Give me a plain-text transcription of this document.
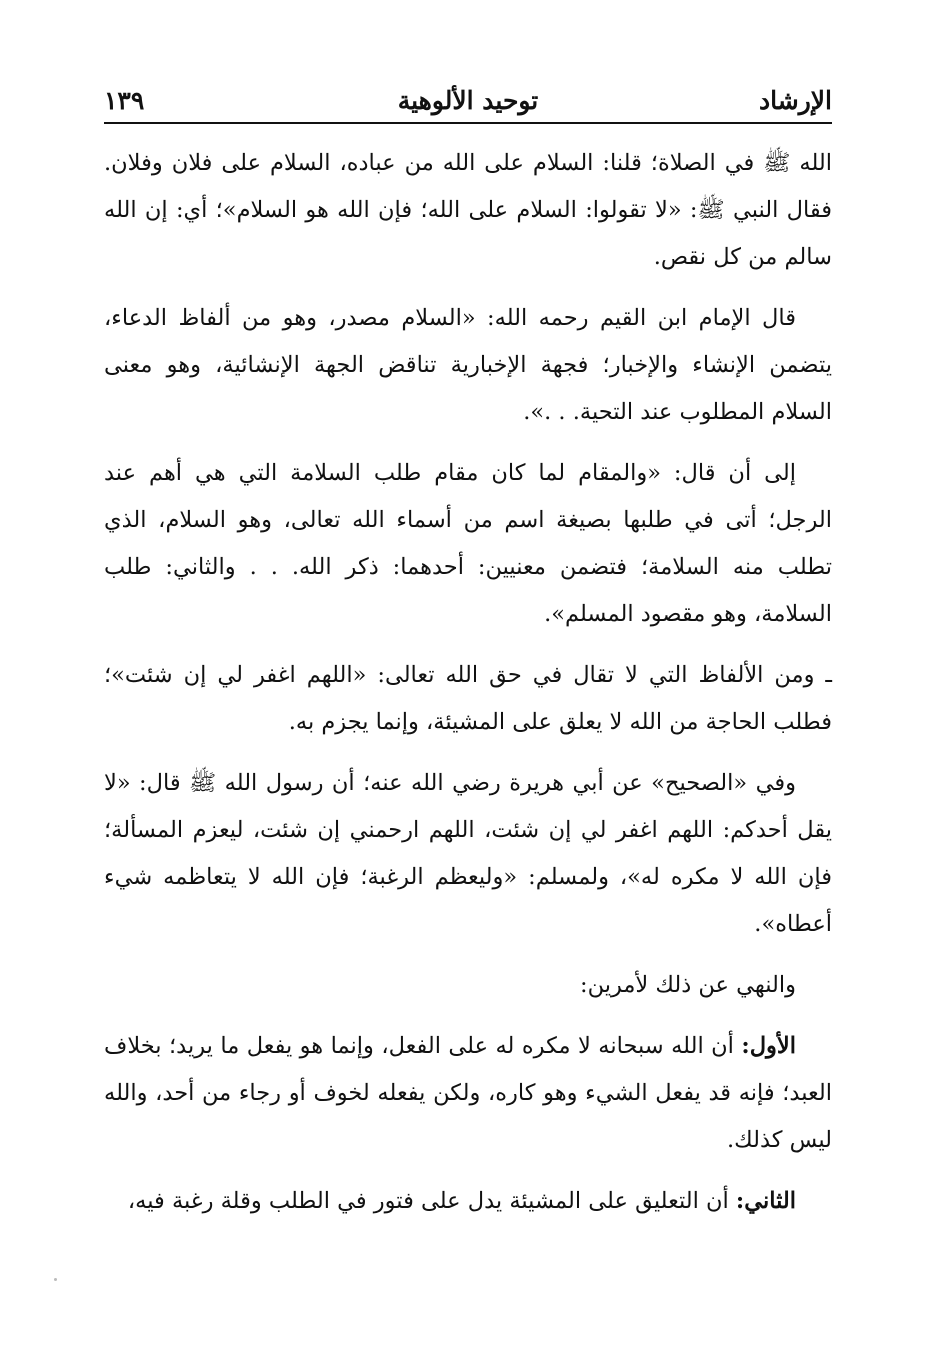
الإرشاد
توحيد الألوهية
١٣٩

الله ﷺ في الصلاة؛ قلنا: السلام على الله من عباده، السلام على فلان وفلان. فقال النبي ﷺ: «لا تقولوا: السلام على الله؛ فإن الله هو السلام»؛ أي: إن الله سالم من كل نقص.

قال الإمام ابن القيم رحمه الله: «السلام مصدر، وهو من ألفاظ الدعاء، يتضمن الإنشاء والإخبار؛ فجهة الإخبارية تناقض الجهة الإنشائية، وهو معنى السلام المطلوب عند التحية. . .».

إلى أن قال: «والمقام لما كان مقام طلب السلامة التي هي أهم عند الرجل؛ أتى في طلبها بصيغة اسم من أسماء الله تعالى، وهو السلام، الذي تطلب منه السلامة؛ فتضمن معنيين: أحدهما: ذكر الله. . . والثاني: طلب السلامة، وهو مقصود المسلم».

ـ ومن الألفاظ التي لا تقال في حق الله تعالى: «اللهم اغفر لي إن شئت»؛ فطلب الحاجة من الله لا يعلق على المشيئة، وإنما يجزم به.

وفي «الصحيح» عن أبي هريرة رضي الله عنه؛ أن رسول الله ﷺ قال: «لا يقل أحدكم: اللهم اغفر لي إن شئت، اللهم ارحمني إن شئت، ليعزم المسألة؛ فإن الله لا مكره له»، ولمسلم: «وليعظم الرغبة؛ فإن الله لا يتعاظمه شيء أعطاه».

والنهي عن ذلك لأمرين:

الأول: أن الله سبحانه لا مكره له على الفعل، وإنما هو يفعل ما يريد؛ بخلاف العبد؛ فإنه قد يفعل الشيء وهو كاره، ولكن يفعله لخوف أو رجاء من أحد، والله ليس كذلك.

الثاني: أن التعليق على المشيئة يدل على فتور في الطلب وقلة رغبة فيه،
